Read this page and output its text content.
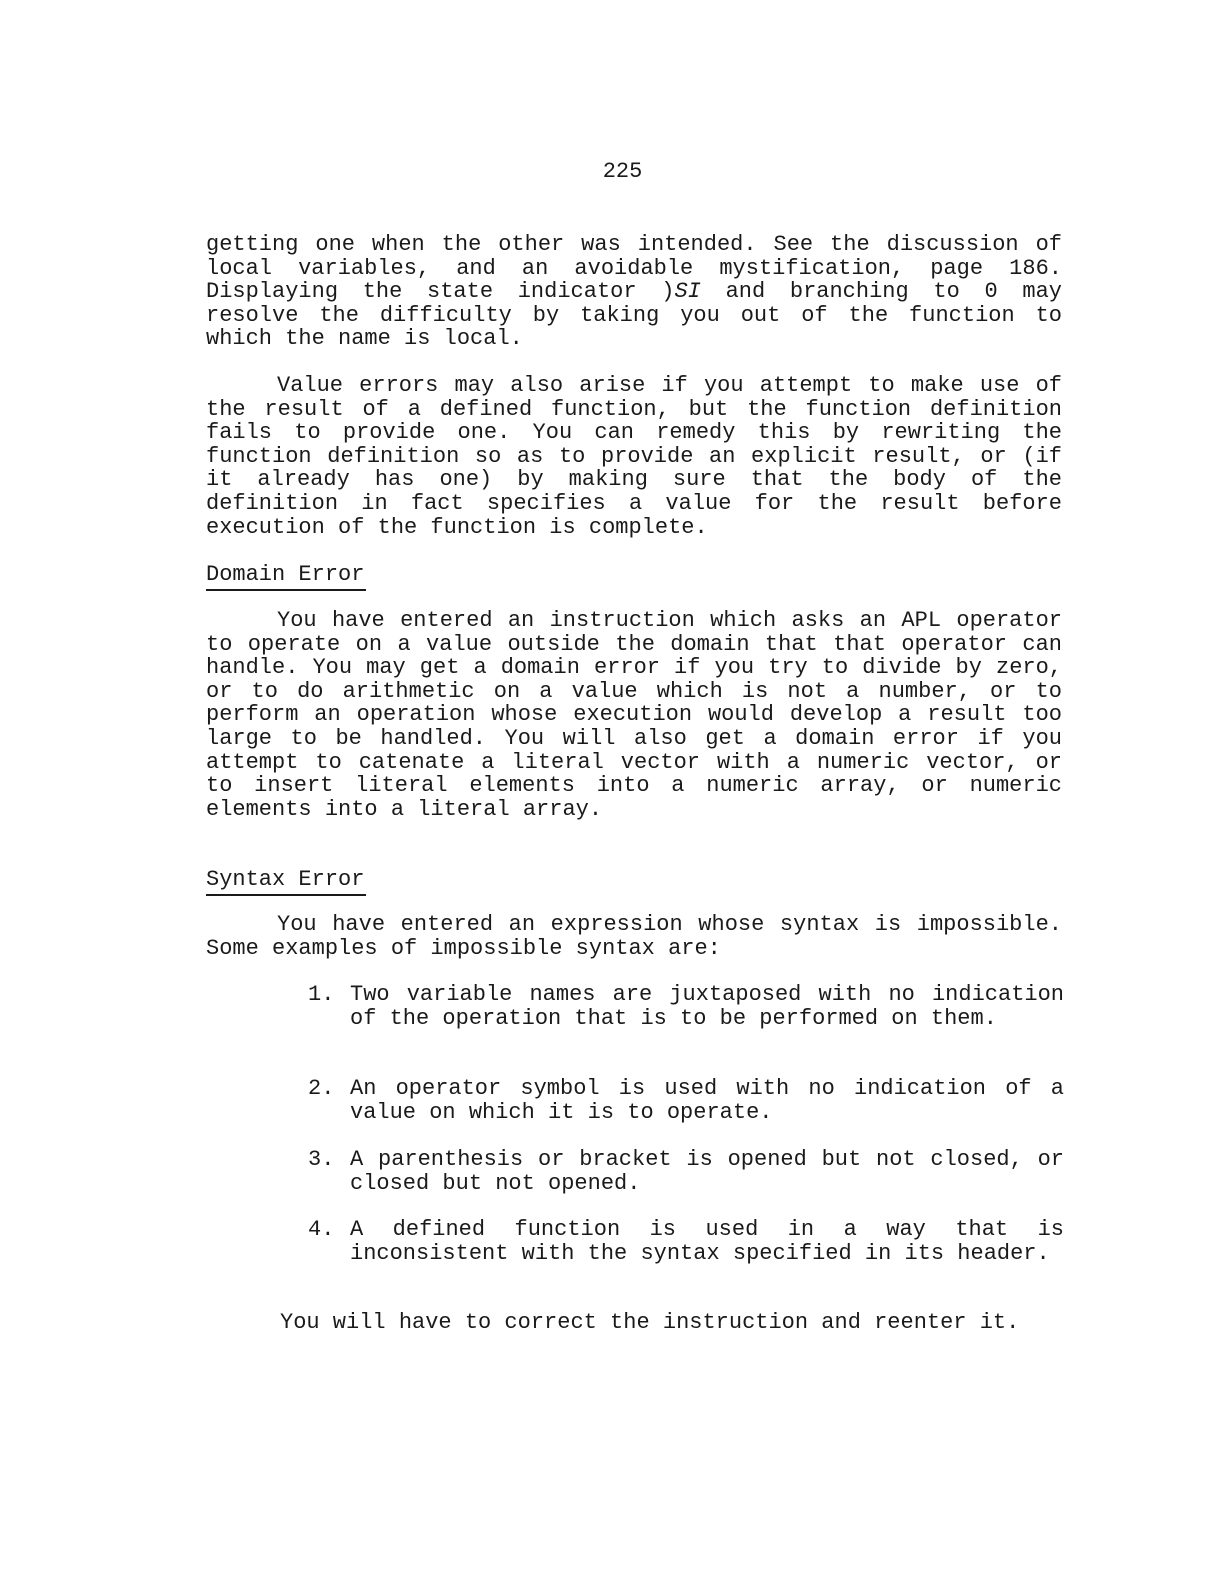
225
getting one when the other was intended. See the discussion of local variables, and an avoidable mystification, page 186. Displaying the state indicator )SI and branching to 0 may resolve the difficulty by taking you out of the function to which the name is local.
Value errors may also arise if you attempt to make use of the result of a defined function, but the function definition fails to provide one. You can remedy this by rewriting the function definition so as to provide an explicit result, or (if it already has one) by making sure that the body of the definition in fact specifies a value for the result before execution of the function is complete.
Domain Error
You have entered an instruction which asks an APL operator to operate on a value outside the domain that that operator can handle. You may get a domain error if you try to divide by zero, or to do arithmetic on a value which is not a number, or to perform an operation whose execution would develop a result too large to be handled. You will also get a domain error if you attempt to catenate a literal vector with a numeric vector, or to insert literal elements into a numeric array, or numeric elements into a literal array.
Syntax Error
You have entered an expression whose syntax is impossible. Some examples of impossible syntax are:
1. Two variable names are juxtaposed with no indication of the operation that is to be performed on them.
2. An operator symbol is used with no indication of a value on which it is to operate.
3. A parenthesis or bracket is opened but not closed, or closed but not opened.
4. A defined function is used in a way that is inconsistent with the syntax specified in its header.
You will have to correct the instruction and reenter it.
